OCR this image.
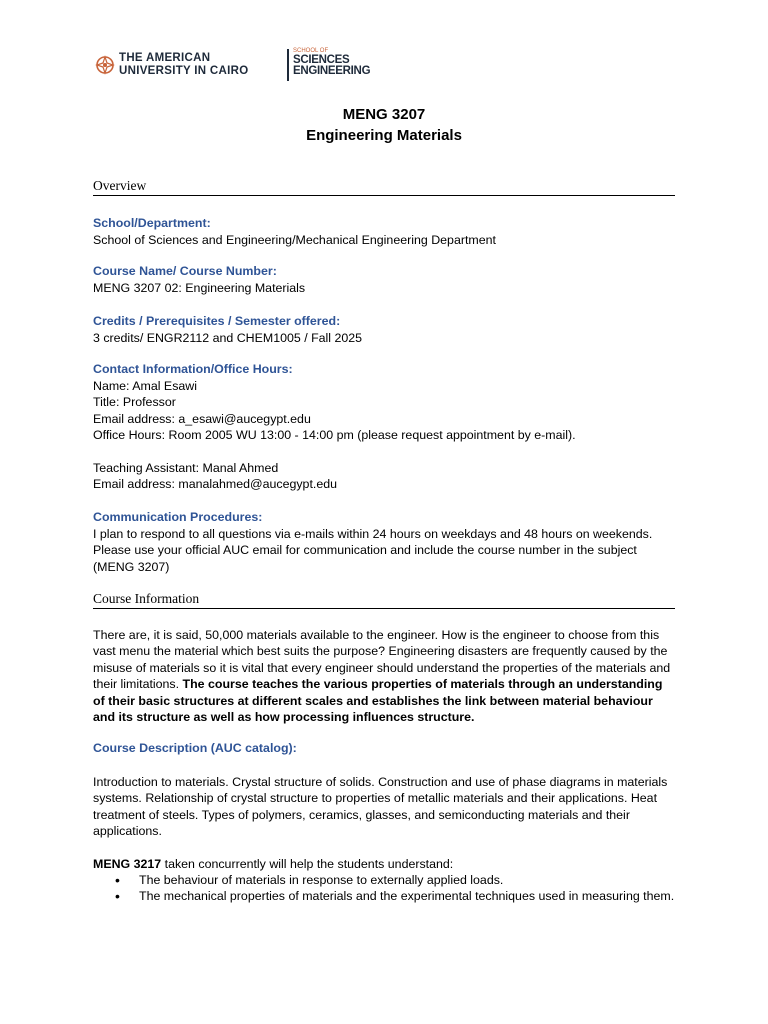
THE AMERICAN
UNIVERSITY IN CAIRO
SCHOOL OF
SCIENCES
ENGINEERING
MENG 3207
Engineering Materials
Overview
School/Department:
School of Sciences and Engineering/Mechanical Engineering Department
Course Name/ Course Number:
MENG 3207 02: Engineering Materials
Credits / Prerequisites / Semester offered:
3 credits/ ENGR2112 and CHEM1005 / Fall 2025
Contact Information/Office Hours:
Name: Amal Esawi
Title: Professor
Email address: a_esawi@aucegypt.edu
Office Hours: Room 2005 WU 13:00 - 14:00 pm (please request appointment by e-mail).
Teaching Assistant: Manal Ahmed
Email address: manalahmed@aucegypt.edu
Communication Procedures:
I plan to respond to all questions via e-mails within 24 hours on weekdays and 48 hours on weekends. Please use your official AUC email for communication and include the course number in the subject (MENG 3207)
Course Information
There are, it is said, 50,000 materials available to the engineer. How is the engineer to choose from this vast menu the material which best suits the purpose? Engineering disasters are frequently caused by the misuse of materials so it is vital that every engineer should understand the properties of the materials and their limitations. The course teaches the various properties of materials through an understanding of their basic structures at different scales and establishes the link between material behaviour and its structure as well as how processing influences structure.
Course Description (AUC catalog):
Introduction to materials. Crystal structure of solids. Construction and use of phase diagrams in materials systems. Relationship of crystal structure to properties of metallic materials and their applications. Heat treatment of steels. Types of polymers, ceramics, glasses, and semiconducting materials and their applications.
MENG 3217 taken concurrently will help the students understand:
• The behaviour of materials in response to externally applied loads.
• The mechanical properties of materials and the experimental techniques used in measuring them.
